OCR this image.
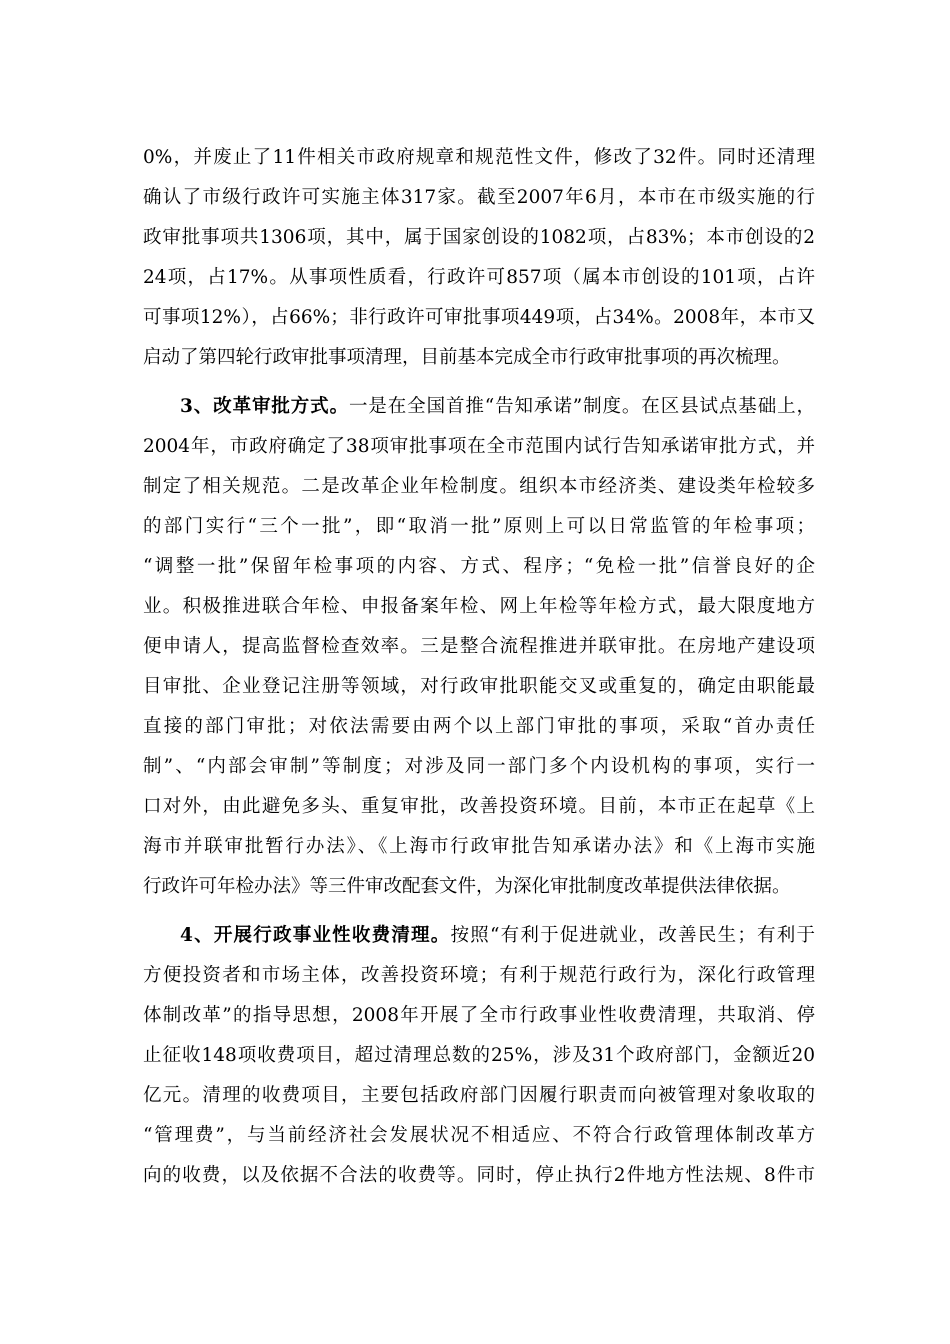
0%，并废止了11件相关市政府规章和规范性文件，修改了32件。同时还清理
确认了市级行政许可实施主体317家。截至2007年6月，本市在市级实施的行
政审批事项共1306项，其中，属于国家创设的1082项，占83%；本市创设的2
24项，占17%。从事项性质看，行政许可857项（属本市创设的101项，占许
可事项12%），占66%；非行政许可审批事项449项，占34%。2008年，本市又
启动了第四轮行政审批事项清理，目前基本完成全市行政审批事项的再次梳理。
3、改革审批方式。一是在全国首推“告知承诺”制度。在区县试点基础上，
2004年，市政府确定了38项审批事项在全市范围内试行告知承诺审批方式，并
制定了相关规范。二是改革企业年检制度。组织本市经济类、建设类年检较多
的部门实行“三个一批”，即“取消一批”原则上可以日常监管的年检事项；
“调整一批”保留年检事项的内容、方式、程序；“免检一批”信誉良好的企
业。积极推进联合年检、申报备案年检、网上年检等年检方式，最大限度地方
便申请人，提高监督检查效率。三是整合流程推进并联审批。在房地产建设项
目审批、企业登记注册等领域，对行政审批职能交叉或重复的，确定由职能最
直接的部门审批；对依法需要由两个以上部门审批的事项，采取“首办责任
制”、“内部会审制”等制度；对涉及同一部门多个内设机构的事项，实行一
口对外，由此避免多头、重复审批，改善投资环境。目前，本市正在起草《上
海市并联审批暂行办法》、《上海市行政审批告知承诺办法》和《上海市实施
行政许可年检办法》等三件审改配套文件，为深化审批制度改革提供法律依据。
4、开展行政事业性收费清理。按照“有利于促进就业，改善民生；有利于
方便投资者和市场主体，改善投资环境；有利于规范行政行为，深化行政管理
体制改革”的指导思想，2008年开展了全市行政事业性收费清理，共取消、停
止征收148项收费项目，超过清理总数的25%，涉及31个政府部门，金额近20
亿元。清理的收费项目，主要包括政府部门因履行职责而向被管理对象收取的
“管理费”，与当前经济社会发展状况不相适应、不符合行政管理体制改革方
向的收费，以及依据不合法的收费等。同时，停止执行2件地方性法规、8件市
